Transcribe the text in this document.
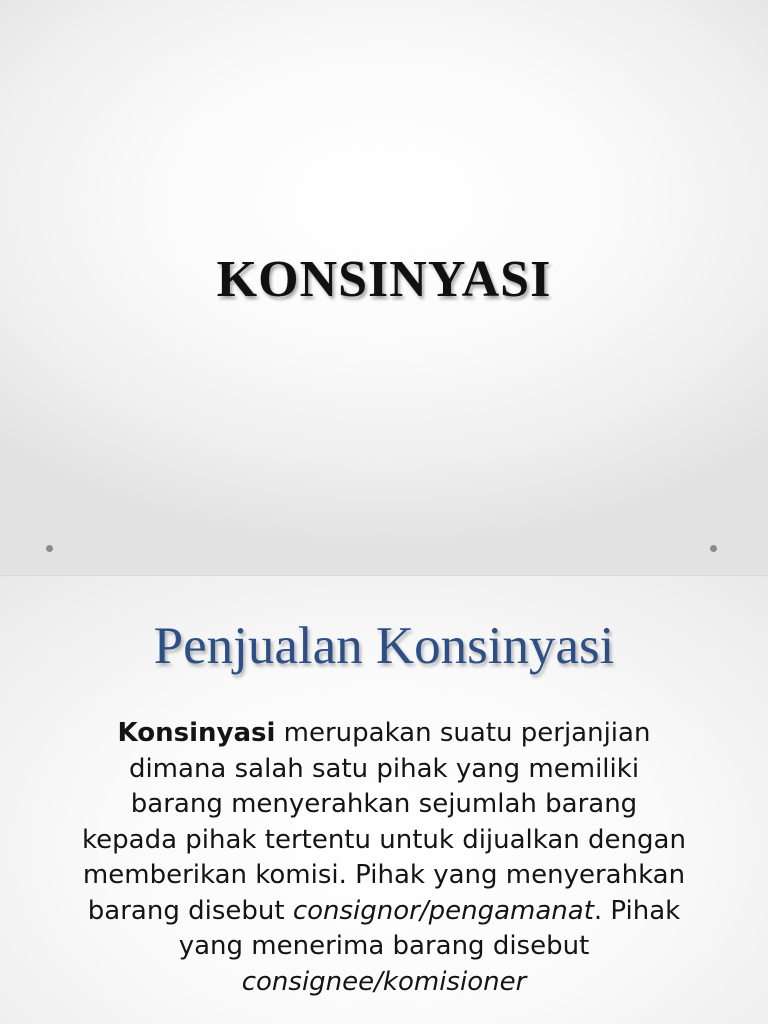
KONSINYASI
Penjualan Konsinyasi

Konsinyasi merupakan suatu perjanjian dimana salah satu pihak yang memiliki barang menyerahkan sejumlah barang kepada pihak tertentu untuk dijualkan dengan memberikan komisi. Pihak yang menyerahkan barang disebut consignor/pengamanat. Pihak yang menerima barang disebut consignee/komisioner
